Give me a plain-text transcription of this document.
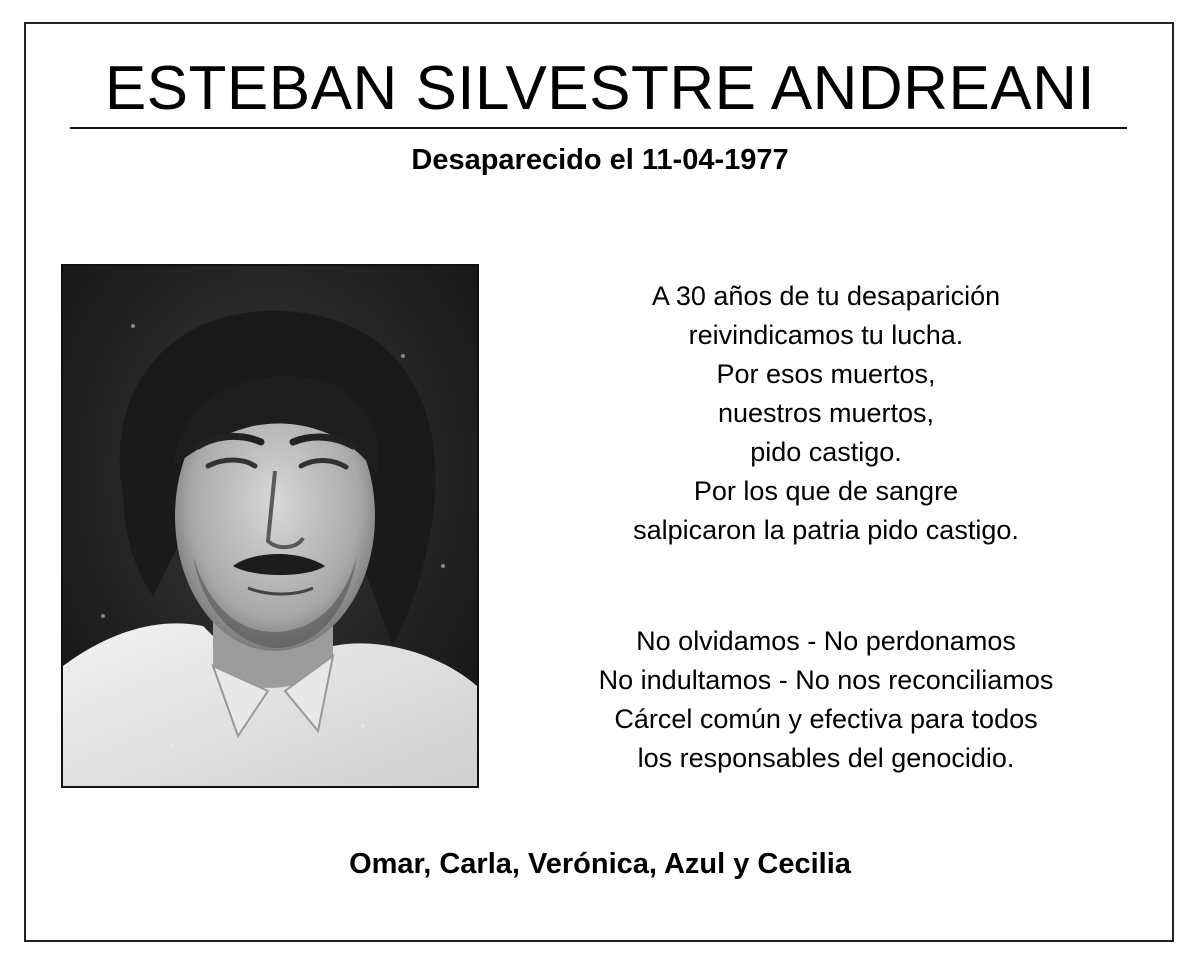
ESTEBAN SILVESTRE ANDREANI
Desaparecido el 11-04-1977
A 30 años de tu desaparición
reivindicamos tu lucha.
Por esos muertos,
nuestros muertos,
pido castigo.
Por los que de sangre
salpicaron la patria pido castigo.
No olvidamos - No perdonamos
No indultamos - No nos reconciliamos
Cárcel común y efectiva para todos
los responsables del genocidio.
Omar, Carla, Verónica, Azul y Cecilia
